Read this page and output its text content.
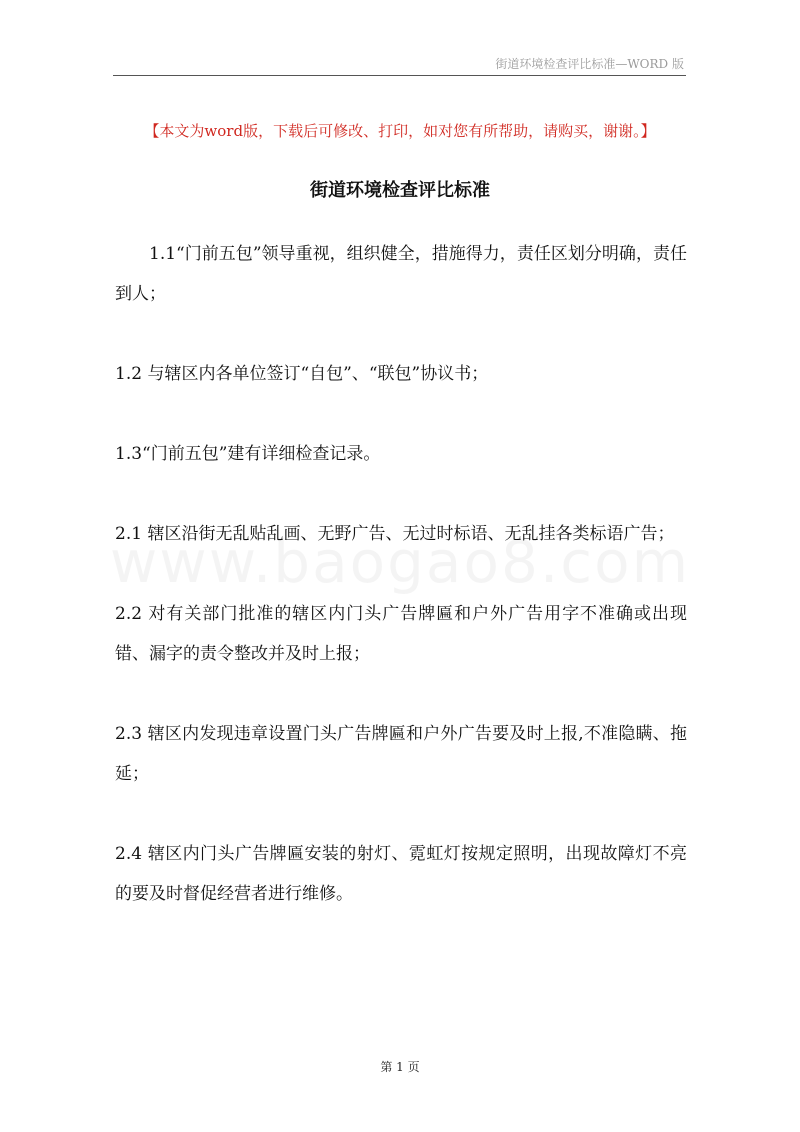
街道环境检查评比标准—WORD 版
【本文为word版，下载后可修改、打印，如对您有所帮助，请购买，谢谢。】
街道环境检查评比标准

1.1“门前五包”领导重视，组织健全，措施得力，责任区划分明确，责任到人；

1.2 与辖区内各单位签订“自包”、“联包”协议书；

1.3“门前五包”建有详细检查记录。

2.1 辖区沿街无乱贴乱画、无野广告、无过时标语、无乱挂各类标语广告；

2.2 对有关部门批准的辖区内门头广告牌匾和户外广告用字不准确或出现错、漏字的责令整改并及时上报；

2.3 辖区内发现违章设置门头广告牌匾和户外广告要及时上报,不准隐瞒、拖延；

2.4 辖区内门头广告牌匾安装的射灯、霓虹灯按规定照明，出现故障灯不亮的要及时督促经营者进行维修。

第 1 页
